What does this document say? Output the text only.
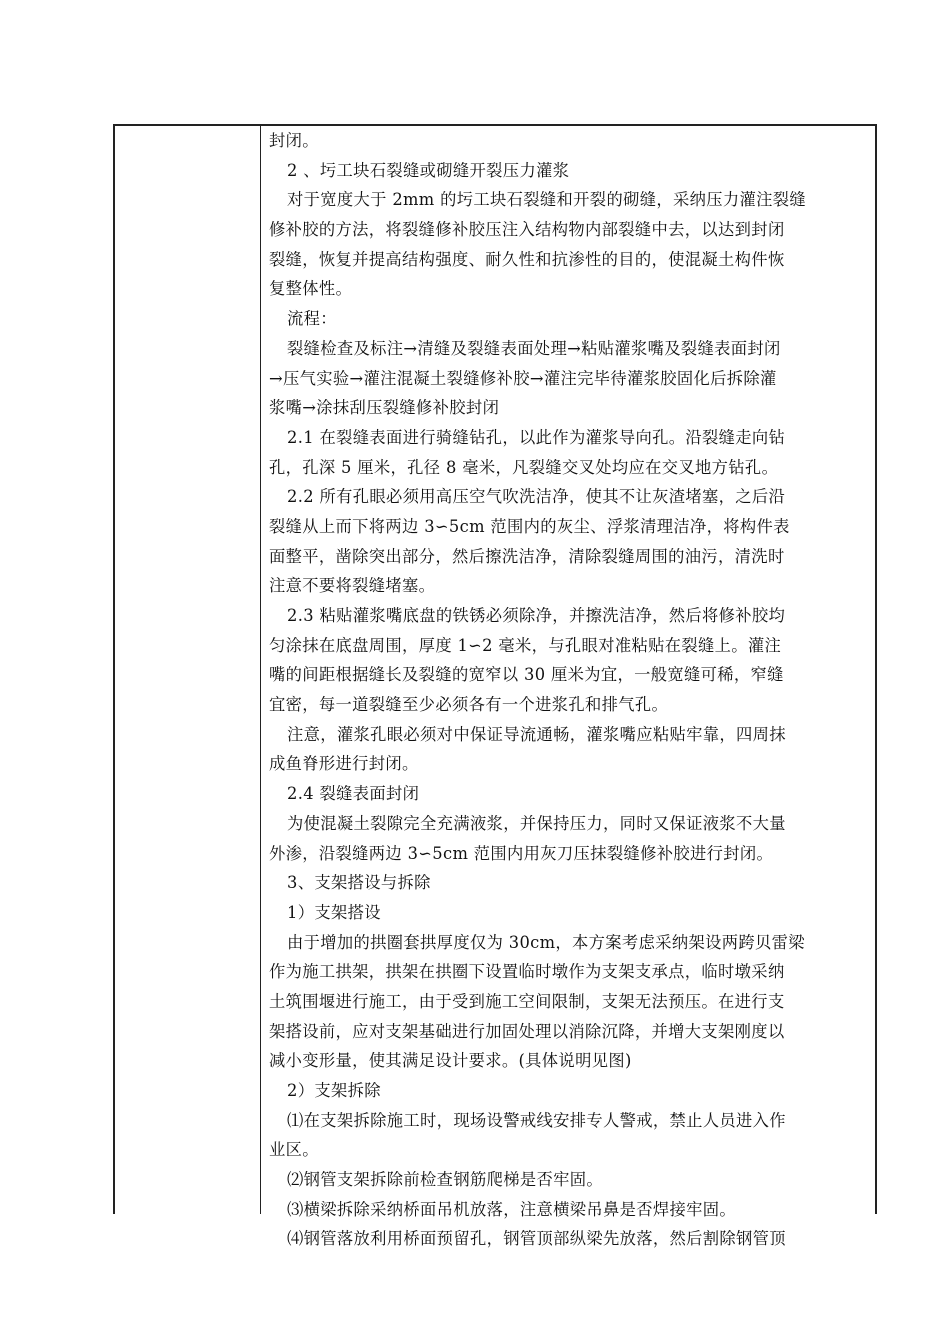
封闭。
2 、圬工块石裂缝或砌缝开裂压力灌浆
对于宽度大于 2mm 的圬工块石裂缝和开裂的砌缝，采纳压力灌注裂缝
修补胶的方法，将裂缝修补胶压注入结构物内部裂缝中去，以达到封闭
裂缝，恢复并提高结构强度、耐久性和抗渗性的目的，使混凝土构件恢
复整体性。
流程：
裂缝检查及标注→清缝及裂缝表面处理→粘贴灌浆嘴及裂缝表面封闭
→压气实验→灌注混凝土裂缝修补胶→灌注完毕待灌浆胶固化后拆除灌
浆嘴→涂抹刮压裂缝修补胶封闭
2.1 在裂缝表面进行骑缝钻孔，以此作为灌浆导向孔。沿裂缝走向钻
孔，孔深 5 厘米，孔径 8 毫米，凡裂缝交叉处均应在交叉地方钻孔。
2.2 所有孔眼必须用高压空气吹洗洁净，使其不让灰渣堵塞，之后沿
裂缝从上而下将两边 3∽5cm 范围内的灰尘、浮浆清理洁净，将构件表
面整平，凿除突出部分，然后擦洗洁净，清除裂缝周围的油污，清洗时
注意不要将裂缝堵塞。
2.3 粘贴灌浆嘴底盘的铁锈必须除净，并擦洗洁净，然后将修补胶均
匀涂抹在底盘周围，厚度 1∽2 毫米，与孔眼对准粘贴在裂缝上。灌注
嘴的间距根据缝长及裂缝的宽窄以 30 厘米为宜，一般宽缝可稀，窄缝
宜密，每一道裂缝至少必须各有一个进浆孔和排气孔。
注意，灌浆孔眼必须对中保证导流通畅，灌浆嘴应粘贴牢靠，四周抹
成鱼脊形进行封闭。
2.4 裂缝表面封闭
为使混凝土裂隙完全充满液浆，并保持压力，同时又保证液浆不大量
外渗，沿裂缝两边 3∽5cm 范围内用灰刀压抹裂缝修补胶进行封闭。
3、支架搭设与拆除
1）支架搭设
由于增加的拱圈套拱厚度仅为 30cm，本方案考虑采纳架设两跨贝雷梁
作为施工拱架，拱架在拱圈下设置临时墩作为支架支承点，临时墩采纳
土筑围堰进行施工，由于受到施工空间限制，支架无法预压。在进行支
架搭设前，应对支架基础进行加固处理以消除沉降，并增大支架刚度以
减小变形量，使其满足设计要求。(具体说明见图)
2）支架拆除
⑴在支架拆除施工时，现场设警戒线安排专人警戒，禁止人员进入作
业区。
⑵钢管支架拆除前检查钢筋爬梯是否牢固。
⑶横梁拆除采纳桥面吊机放落，注意横梁吊鼻是否焊接牢固。
⑷钢管落放利用桥面预留孔，钢管顶部纵梁先放落，然后割除钢管顶
